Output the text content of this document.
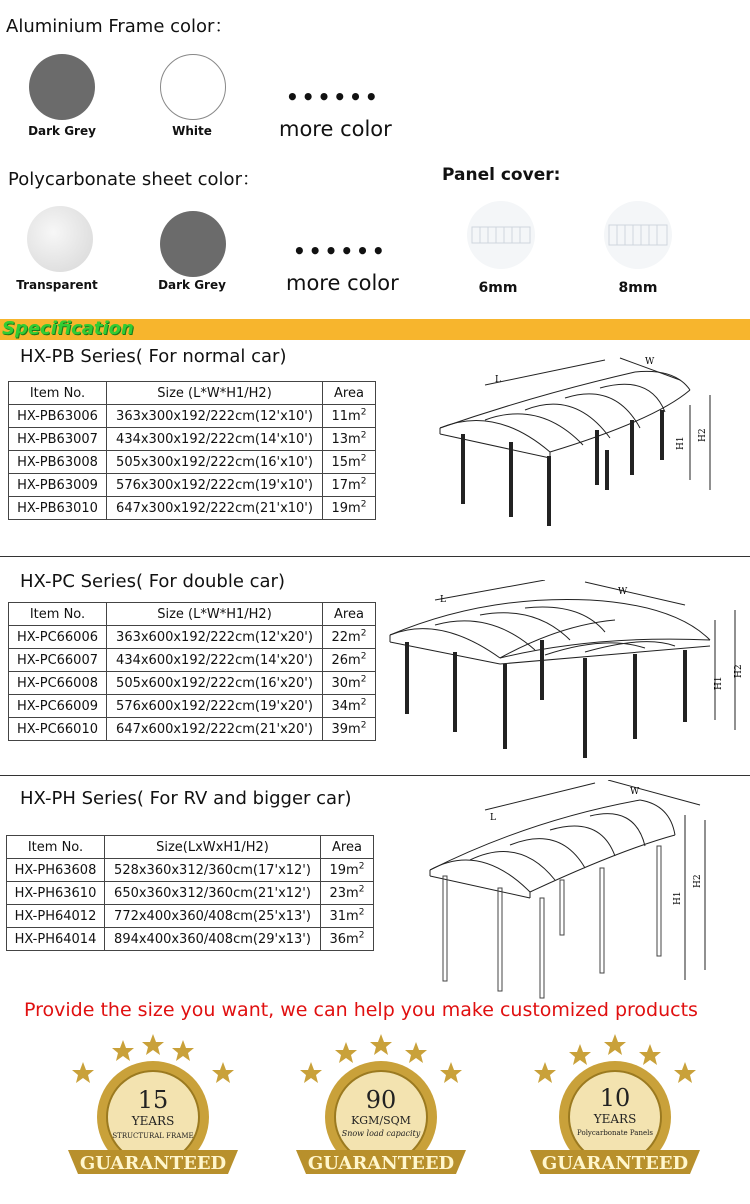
Aluminium Frame color：
Dark Grey	White
••••••
more color
Polycarbonate sheet color：
Transparent	Dark Grey
••••••
more color
Panel cover:
6mm	8mm
Specification
HX-PB Series( For normal car)
Item No.	Size (L*W*H1/H2)	Area
HX-PB63006	363x300x192/222cm(12'x10')	$11m^2$
HX-PB63007	434x300x192/222cm(14'x10')	$13m^2$
HX-PB63008	505x300x192/222cm(16'x10')	$15m^2$
HX-PB63009	576x300x192/222cm(19'x10')	$17m^2$
HX-PB63010	647x300x192/222cm(21'x10')	$19m^2$
L
W
H1
H2
HX-PC Series( For double car)
Item No.	Size (L*W*H1/H2)	Area
HX-PC66006	363x600x192/222cm(12'x20')	$22m^2$
HX-PC66007	434x600x192/222cm(14'x20')	$26m^2$
HX-PC66008	505x600x192/222cm(16'x20')	$30m^2$
HX-PC66009	576x600x192/222cm(19'x20')	$34m^2$
HX-PC66010	647x600x192/222cm(21'x20')	$39m^2$
L
W
H1
H2
HX-PH Series( For RV and bigger car)
Item No.	Size(LxWxH1/H2)	Area
HX-PH63608	528x360x312/360cm(17'x12')	$19m^2$
HX-PH63610	650x360x312/360cm(21'x12')	$23m^2$
HX-PH64012	772x400x360/408cm(25'x13')	$31m^2$
HX-PH64014	894x400x360/408cm(29'x13')	$36m^2$
L
W
H1
H2
Provide the size you want, we can help you make customized products
15
YEARS
STRUCTURAL FRAME
GUARANTEED
90
KGM/SQM
Snow load capacity
GUARANTEED
10
YEARS
Polycarbonate Panels
GUARANTEED
